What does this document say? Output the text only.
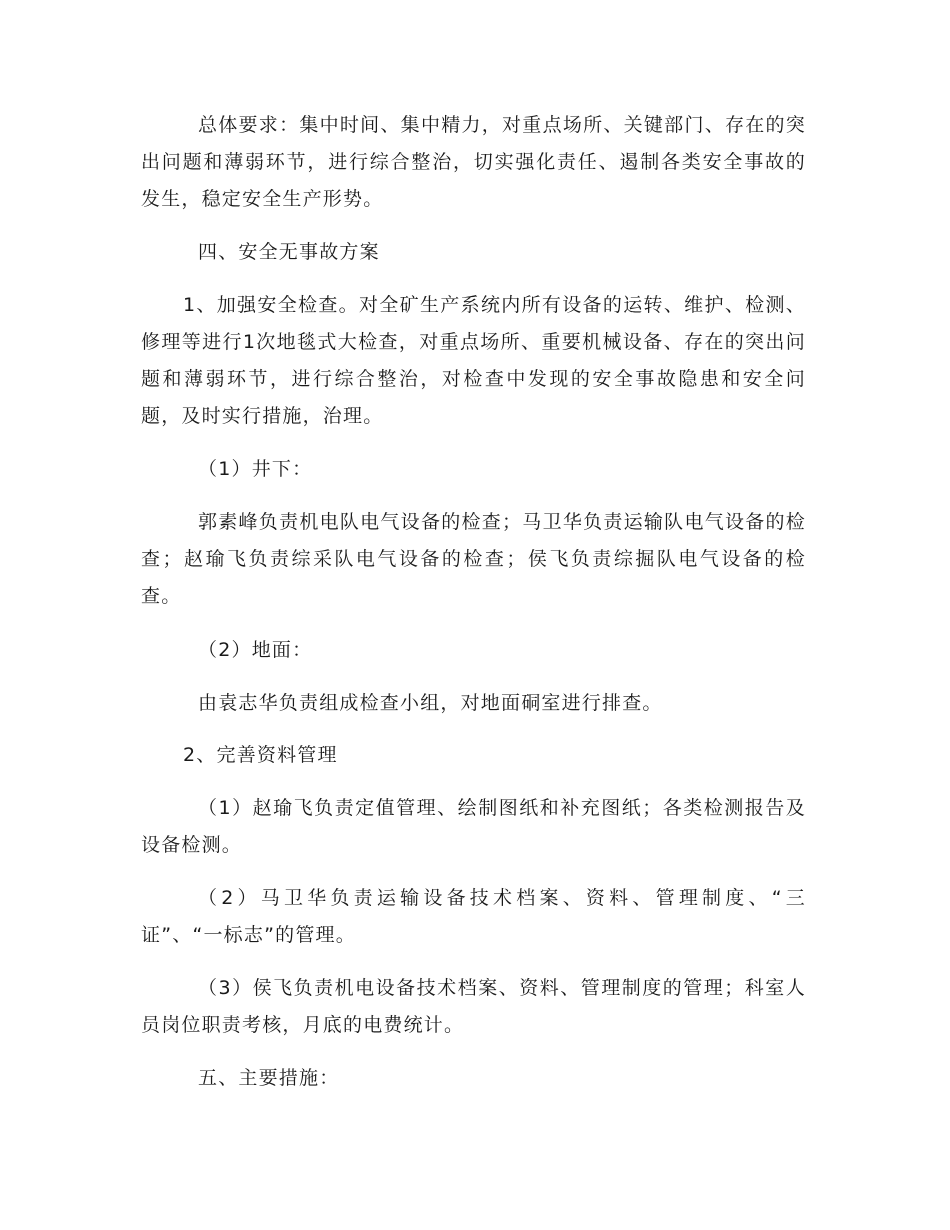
总体要求：集中时间、集中精力，对重点场所、关键部门、存在的突出问题和薄弱环节，进行综合整治，切实强化责任、遏制各类安全事故的发生，稳定安全生产形势。

四、安全无事故方案

1、加强安全检查。对全矿生产系统内所有设备的运转、维护、检测、修理等进行1次地毯式大检查，对重点场所、重要机械设备、存在的突出问题和薄弱环节，进行综合整治，对检查中发现的安全事故隐患和安全问题，及时实行措施，治理。

（1）井下：

郭素峰负责机电队电气设备的检查；马卫华负责运输队电气设备的检查；赵瑜飞负责综采队电气设备的检查；侯飞负责综掘队电气设备的检查。

（2）地面：

由袁志华负责组成检查小组，对地面硐室进行排查。

2、完善资料管理

（1）赵瑜飞负责定值管理、绘制图纸和补充图纸；各类检测报告及设备检测。

（2）马卫华负责运输设备技术档案、资料、管理制度、“三证”、“一标志”的管理。

（3）侯飞负责机电设备技术档案、资料、管理制度的管理；科室人员岗位职责考核，月底的电费统计。

五、主要措施：
